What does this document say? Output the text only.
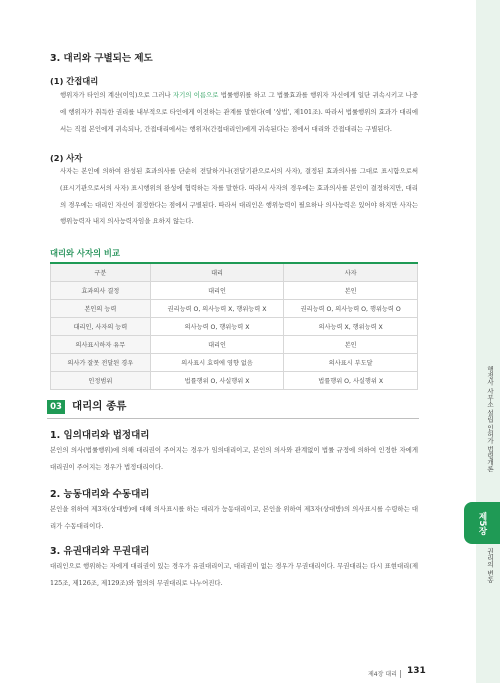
3. 대리와 구별되는 제도
(1) 간접대리
행위자가 타인의 계산(이익)으로 그러나 자기의 이름으로 법률행위를 하고 그 법률효과를 행위자 자신에게 일단 귀속시키고 나중에 행위자가 취득한 권리를 내부적으로 타인에게 이전하는 관계를 말한다(예 '상법', 제101조). 따라서 법률행위의 효과가 대리에서는 직접 본인에게 귀속되나, 간접대리에서는 행위자(간접대리인)에게 귀속된다는 점에서 대리와 간접대리는 구별된다.
(2) 사자
사자는 본인에 의하여 완성된 효과의사를 단순히 전달하거나(전달기관으로서의 사자), 결정된 효과의사를 그대로 표시함으로써(표시기관으로서의 사자) 표시행위의 완성에 협력하는 자를 말한다. 따라서 사자의 경우에는 효과의사를 본인이 결정하지만, 대리의 경우에는 대리인 자신이 결정한다는 점에서 구별된다. 따라서 대리인은 행위능력이 필요하나 의사능력은 있어야 하지만 사자는 행위능력자 내지 의사능력자임을 요하지 않는다.
대리와 사자의 비교
구분	대리	사자
효과의사 결정	대리인	본인
본인의 능력	권리능력 O, 의사능력 X, 행위능력 X	권리능력 O, 의사능력 O, 행위능력 O
대리인, 사자의 능력	의사능력 O, 행위능력 X	의사능력 X, 행위능력 X
의사표시하자 유무	대리인	본인
의사가 잘못 전달된 경우	의사표시 효력에 영향 없음	의사표시 부도달
인정범위	법률행위 O, 사실행위 X	법률행위 O, 사실행위 X
03 대리의 종류
1. 임의대리와 법정대리
본인의 의사(법률행위)에 의해 대리권이 주어지는 경우가 임의대리이고, 본인의 의사와 관계없이 법률 규정에 의하여 인정한 자에게 대리권이 주어지는 경우가 법정대리이다.
2. 능동대리와 수동대리
본인을 위하여 제3자(상대방)에 대해 의사표시를 하는 대리가 능동대리이고, 본인을 위하여 제3자(상대방)의 의사표시를 수령하는 대리가 수동대리이다.
3. 유권대리와 무권대리
대리인으로 행위하는 자에게 대리권이 있는 경우가 유권대리이고, 대리권이 없는 경우가 무권대리이다. 무권대리는 다시 표현대리(제125조, 제126조, 제129조)와 협의의 무권대리로 나누어진다.
행정사 사무소 설립 인허가 법령개론
제5장
권리의 변동
제4장 대리 131
